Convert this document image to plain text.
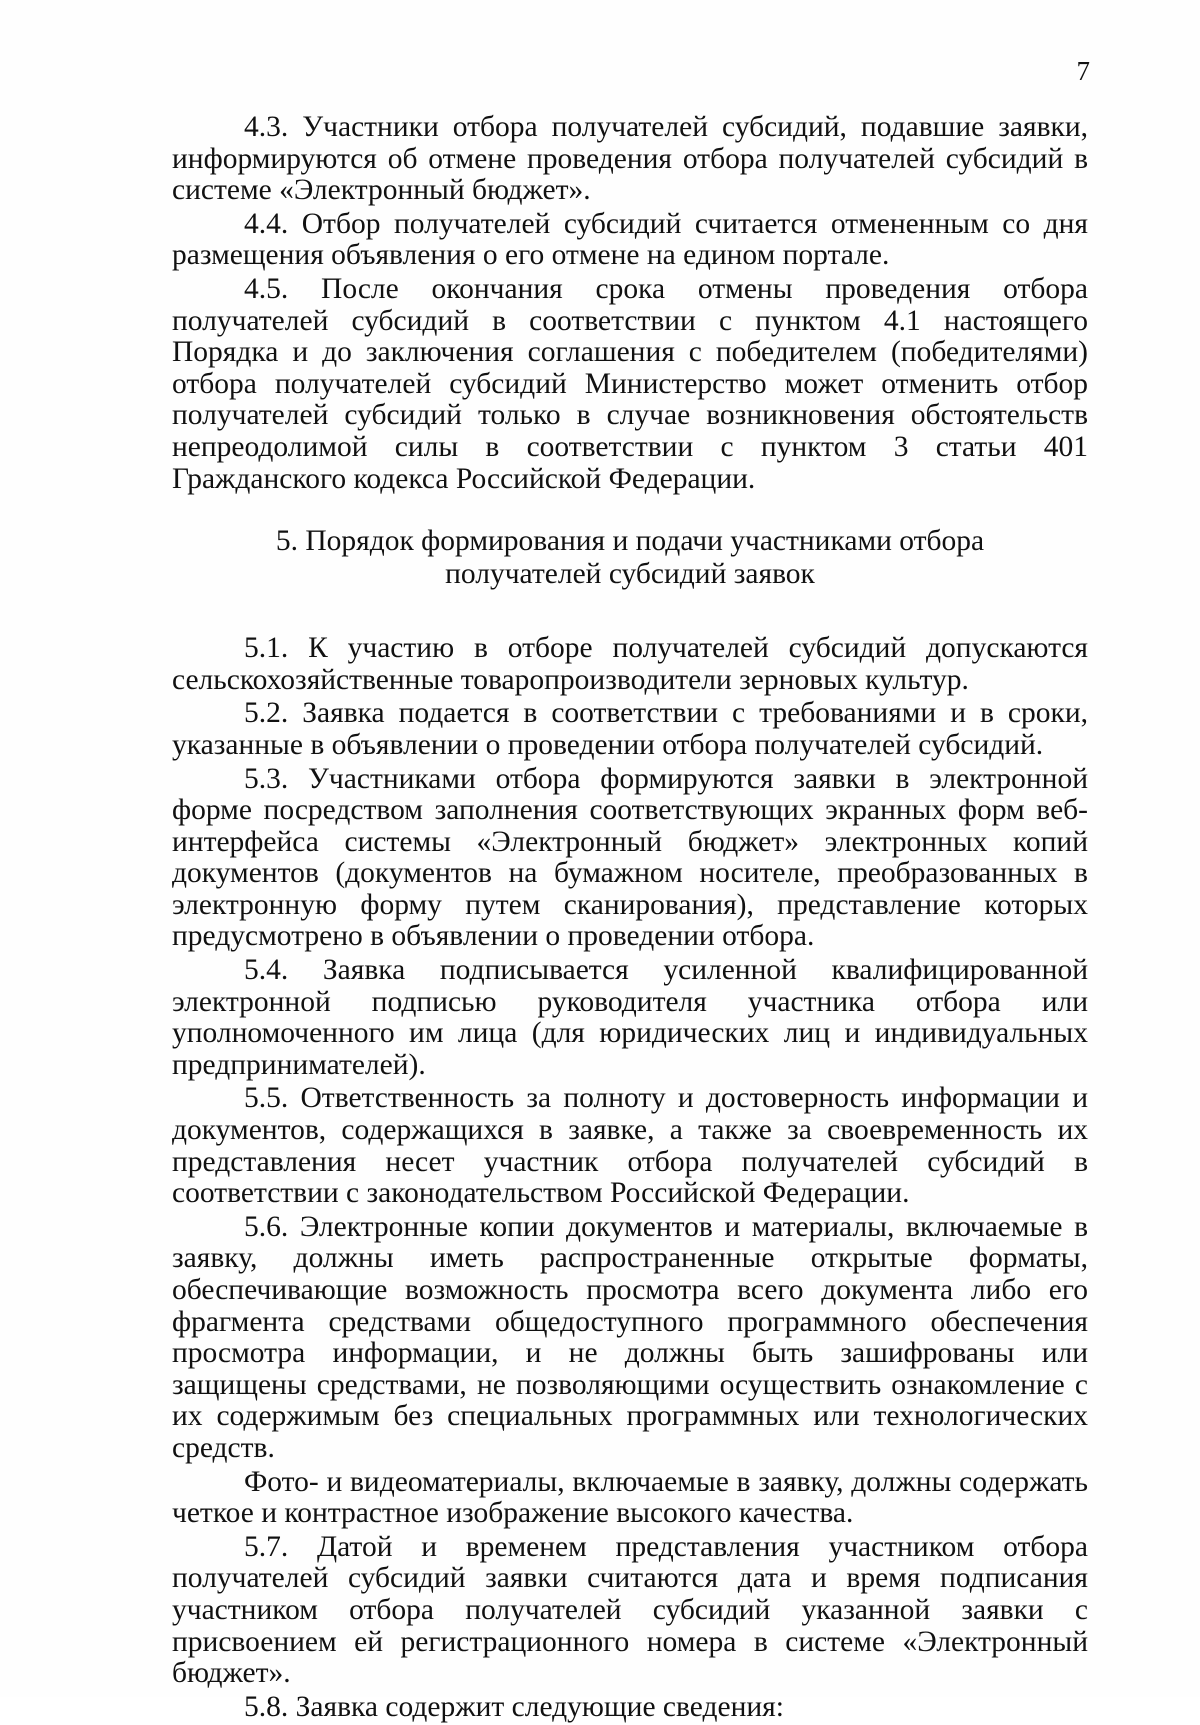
7

4.3. Участники отбора получателей субсидий, подавшие заявки, информируются об отмене проведения отбора получателей субсидий в системе «Электронный бюджет».

4.4. Отбор получателей субсидий считается отмененным со дня размещения объявления о его отмене на едином портале.

4.5. После окончания срока отмены проведения отбора получателей субсидий в соответствии с пунктом 4.1 настоящего Порядка и до заключения соглашения с победителем (победителями) отбора получателей субсидий Министерство может отменить отбор получателей субсидий только в случае возникновения обстоятельств непреодолимой силы в соответствии с пунктом 3 статьи 401 Гражданского кодекса Российской Федерации.

5. Порядок формирования и подачи участниками отбора
получателей субсидий заявок

5.1. К участию в отборе получателей субсидий допускаются сельскохозяйственные товаропроизводители зерновых культур.

5.2. Заявка подается в соответствии с требованиями и в сроки, указанные в объявлении о проведении отбора получателей субсидий.

5.3. Участниками отбора формируются заявки в электронной форме посредством заполнения соответствующих экранных форм веб-интерфейса системы «Электронный бюджет» электронных копий документов (документов на бумажном носителе, преобразованных в электронную форму путем сканирования), представление которых предусмотрено в объявлении о проведении отбора.

5.4. Заявка подписывается усиленной квалифицированной электронной подписью руководителя участника отбора или уполномоченного им лица (для юридических лиц и индивидуальных предпринимателей).

5.5. Ответственность за полноту и достоверность информации и документов, содержащихся в заявке, а также за своевременность их представления несет участник отбора получателей субсидий в соответствии с законодательством Российской Федерации.

5.6. Электронные копии документов и материалы, включаемые в заявку, должны иметь распространенные открытые форматы, обеспечивающие возможность просмотра всего документа либо его фрагмента средствами общедоступного программного обеспечения просмотра информации, и не должны быть зашифрованы или защищены средствами, не позволяющими осуществить ознакомление с их содержимым без специальных программных или технологических средств.

Фото- и видеоматериалы, включаемые в заявку, должны содержать четкое и контрастное изображение высокого качества.

5.7. Датой и временем представления участником отбора получателей субсидий заявки считаются дата и время подписания участником отбора получателей субсидий указанной заявки с присвоением ей регистрационного номера в системе «Электронный бюджет».

5.8. Заявка содержит следующие сведения:
